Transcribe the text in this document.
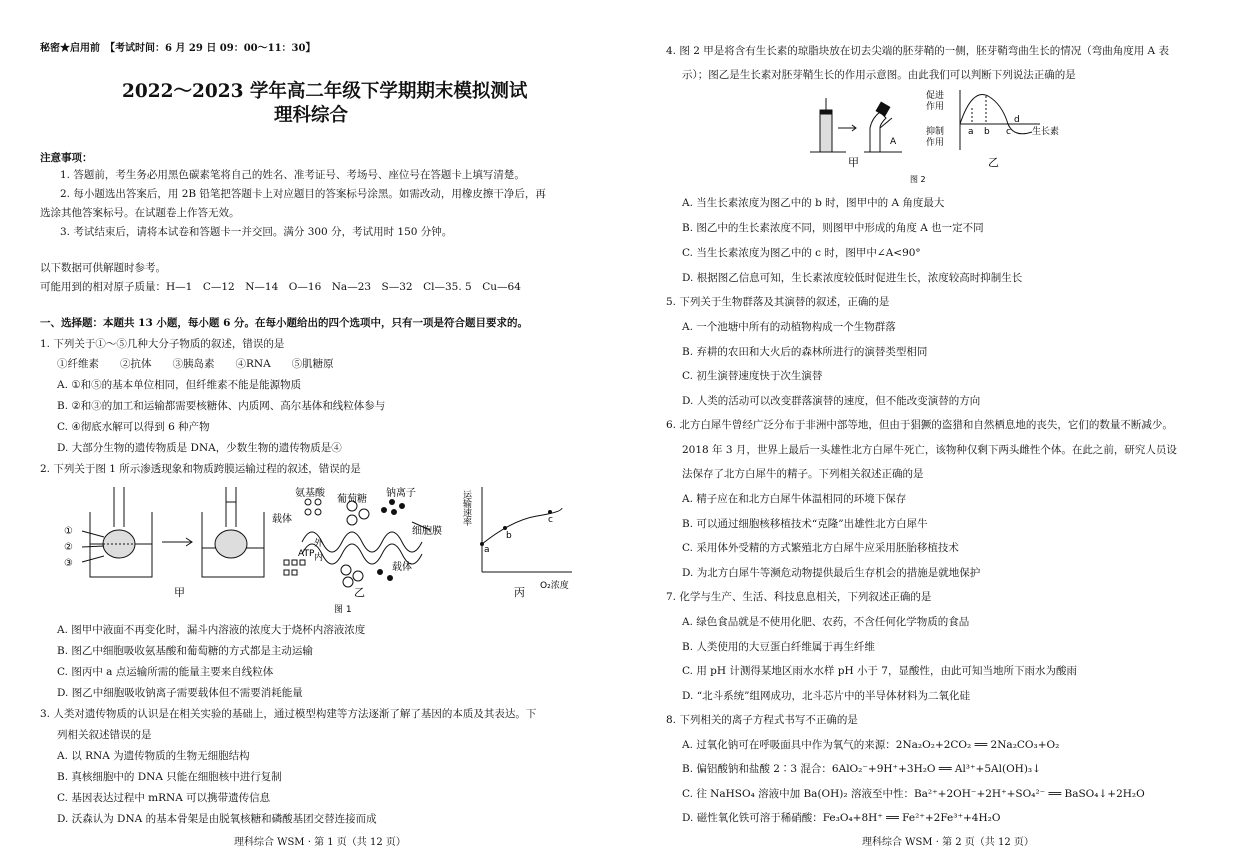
秘密★启用前　【考试时间：6 月 29 日 09：00～11：30】
2022～2023 学年高二年级下学期期末模拟测试
理科综合
注意事项：
1. 答题前，考生务必用黑色碳素笔将自己的姓名、准考证号、考场号、座位号在答题卡上填写清楚。
2. 每小题选出答案后，用 2B 铅笔把答题卡上对应题目的答案标号涂黑。如需改动，用橡皮擦干净后，再
选涂其他答案标号。在试题卷上作答无效。
3. 考试结束后，请将本试卷和答题卡一并交回。满分 300 分，考试用时 150 分钟。
以下数据可供解题时参考。
可能用到的相对原子质量：H—1　C—12　N—14　O—16　Na—23　S—32　Cl—35. 5　Cu—64
一、选择题：本题共 13 小题，每小题 6 分。在每小题给出的四个选项中，只有一项是符合题目要求的。
1. 下列关于①～⑤几种大分子物质的叙述，错误的是
①纤维素　　②抗体　　③胰岛素　　④RNA　　⑤肌糖原
A. ①和⑤的基本单位相同，但纤维素不能是能源物质
B. ②和③的加工和运输都需要核糖体、内质网、高尔基体和线粒体参与
C. ④彻底水解可以得到 6 种产物
D. 大部分生物的遗传物质是 DNA，少数生物的遗传物质是④
2. 下列关于图 1 所示渗透现象和物质跨膜运输过程的叙述，错误的是
①
②
③
氨基酸
葡萄糖
钠离子
载体
ATP
外
内
细胞膜
载体
运输速率
O₂浓度
a
b
c
甲	乙	丙
图 1
A. 图甲中液面不再变化时，漏斗内溶液的浓度大于烧杯内溶液浓度
B. 图乙中细胞吸收氨基酸和葡萄糖的方式都是主动运输
C. 图丙中 a 点运输所需的能量主要来自线粒体
D. 图乙中细胞吸收钠离子需要载体但不需要消耗能量
3. 人类对遗传物质的认识是在相关实验的基础上，通过模型构建等方法逐渐了解了基因的本质及其表达。下
列相关叙述错误的是
A. 以 RNA 为遗传物质的生物无细胞结构
B. 真核细胞中的 DNA 只能在细胞核中进行复制
C. 基因表达过程中 mRNA 可以携带遗传信息
D. 沃森认为 DNA 的基本骨架是由脱氧核糖和磷酸基团交替连接而成
理科综合 WSM · 第 1 页（共 12 页）
4. 图 2 甲是将含有生长素的琼脂块放在切去尖端的胚芽鞘的一侧，胚芽鞘弯曲生长的情况（弯曲角度用 A 表
示）；图乙是生长素对胚芽鞘生长的作用示意图。由此我们可以判断下列说法正确的是
A
促进
作用
抑制
作用
a b c
d
生长素
甲	乙
图 2
A. 当生长素浓度为图乙中的 b 时，图甲中的 A 角度最大
B. 图乙中的生长素浓度不同，则图甲中形成的角度 A 也一定不同
C. 当生长素浓度为图乙中的 c 时，图甲中∠A<90°
D. 根据图乙信息可知，生长素浓度较低时促进生长，浓度较高时抑制生长
5. 下列关于生物群落及其演替的叙述，正确的是
A. 一个池塘中所有的动植物构成一个生物群落
B. 弃耕的农田和大火后的森林所进行的演替类型相同
C. 初生演替速度快于次生演替
D. 人类的活动可以改变群落演替的速度，但不能改变演替的方向
6. 北方白犀牛曾经广泛分布于非洲中部等地，但由于猖獗的盗猎和自然栖息地的丧失，它们的数量不断减少。
2018 年 3 月，世界上最后一头雄性北方白犀牛死亡，该物种仅剩下两头雌性个体。在此之前，研究人员设
法保存了北方白犀牛的精子。下列相关叙述正确的是
A. 精子应在和北方白犀牛体温相同的环境下保存
B. 可以通过细胞核移植技术“克隆”出雄性北方白犀牛
C. 采用体外受精的方式繁殖北方白犀牛应采用胚胎移植技术
D. 为北方白犀牛等濒危动物提供最后生存机会的措施是就地保护
7. 化学与生产、生活、科技息息相关，下列叙述正确的是
A. 绿色食品就是不使用化肥、农药，不含任何化学物质的食品
B. 人类使用的大豆蛋白纤维属于再生纤维
C. 用 pH 计测得某地区雨水水样 pH 小于 7，显酸性，由此可知当地所下雨水为酸雨
D. “北斗系统”组网成功，北斗芯片中的半导体材料为二氧化硅
8. 下列相关的离子方程式书写不正确的是
A. 过氧化钠可在呼吸面具中作为氧气的来源：2Na₂O₂+2CO₂ ══ 2Na₂CO₃+O₂
B. 偏铝酸钠和盐酸 2∶3 混合：6AlO₂⁻+9H⁺+3H₂O ══ Al³⁺+5Al(OH)₃↓
C. 往 NaHSO₄ 溶液中加 Ba(OH)₂ 溶液至中性：Ba²⁺+2OH⁻+2H⁺+SO₄²⁻ ══ BaSO₄↓+2H₂O
D. 磁性氧化铁可溶于稀硝酸：Fe₃O₄+8H⁺ ══ Fe²⁺+2Fe³⁺+4H₂O
理科综合 WSM · 第 2 页（共 12 页）
